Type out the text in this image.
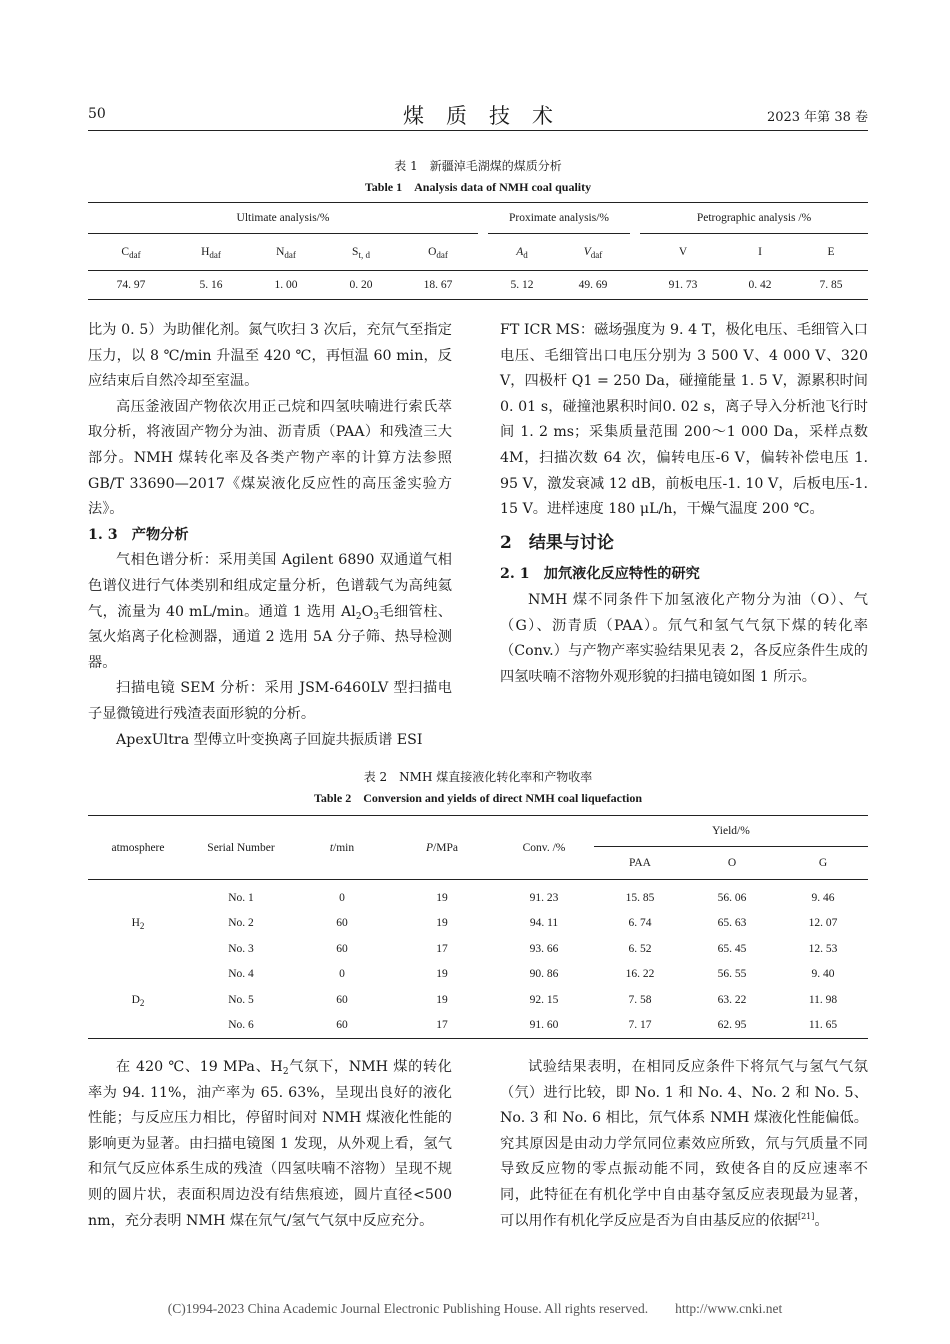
50	煤质技术	2023 年第 38 卷
表 1　新疆淖毛湖煤的煤质分析
Table 1　Analysis data of NMH coal quality
Ultimate analysis/%						Proximate analysis/%			Petrographic analysis /%		
$C_{daf}$	$H_{daf}$	$N_{daf}$	$S_{t, d}$	$O_{daf}$		$A_d$	$V_{daf}$		V	I	E
74. 97	5. 16	1. 00	0. 20	18. 67		5. 12	49. 69		91. 73	0. 42	7. 85

比为 0. 5）为助催化剂。氮气吹扫 3 次后，充氘气至指定压力，以 8 ℃/min 升温至 420 ℃，再恒温 60 min，反应结束后自然冷却至室温。

高压釜液固产物依次用正己烷和四氢呋喃进行索氏萃取分析，将液固产物分为油、沥青质（PAA）和残渣三大部分。NMH 煤转化率及各类产物产率的计算方法参照 GB/T 33690—2017《煤炭液化反应性的高压釜实验方法》。

1. 3　产物分析

气相色谱分析：采用美国 Agilent 6890 双通道气相色谱仪进行气体类别和组成定量分析，色谱载气为高纯氦气，流量为 40 mL/min。通道 1 选用 $Al_2O_3$毛细管柱、氢火焰离子化检测器，通道 2 选用 5A 分子筛、热导检测器。

扫描电镜 SEM 分析：采用 JSM-6460LV 型扫描电子显微镜进行残渣表面形貌的分析。

ApexUltra 型傅立叶变换离子回旋共振质谱 ESI

FT ICR MS：磁场强度为 9. 4 T，极化电压、毛细管入口电压、毛细管出口电压分别为 3 500 V、4 000 V、320 V，四极杆 Q1 = 250 Da，碰撞能量 1. 5 V，源累积时间 0. 01 s，碰撞池累积时间0. 02 s，离子导入分析池飞行时间 1. 2 ms；采集质量范围 200～1 000 Da，采样点数 4M，扫描次数 64 次，偏转电压-6 V，偏转补偿电压 1. 95 V，激发衰减 12 dB，前板电压-1. 10 V，后板电压-1. 15 V。进样速度 180 μL/h，干燥气温度 200 ℃。

2　结果与讨论

2. 1　加氘液化反应特性的研究

NMH 煤不同条件下加氢液化产物分为油（O）、气（G）、沥青质（PAA）。氘气和氢气气氛下煤的转化率（Conv.）与产物产率实验结果见表 2，各反应条件生成的四氢呋喃不溶物外观形貌的扫描电镜如图 1 所示。

表 2　NMH 煤直接液化转化率和产物收率
Table 2　Conversion and yields of direct NMH coal liquefaction
atmosphere	Serial Number	t/min	P/MPa	Conv. /%	Yield/%		
					PAA	O	G

$H_2$	No. 1	0	19	91. 23	15. 85	56. 06	9. 46
	No. 2	60	19	94. 11	6. 74	65. 63	12. 07
	No. 3	60	17	93. 66	6. 52	65. 45	12. 53
$D_2$	No. 4	0	19	90. 86	16. 22	56. 55	9. 40
	No. 5	60	19	92. 15	7. 58	63. 22	11. 98
	No. 6	60	17	91. 60	7. 17	62. 95	11. 65

在 420 ℃、19 MPa、$H_2$气氛下，NMH 煤的转化率为 94. 11%，油产率为 65. 63%，呈现出良好的液化性能；与反应压力相比，停留时间对 NMH 煤液化性能的影响更为显著。由扫描电镜图 1 发现，从外观上看，氢气和氘气反应体系生成的残渣（四氢呋喃不溶物）呈现不规则的圆片状，表面积周边没有结焦痕迹，圆片直径<500 nm，充分表明 NMH 煤在氘气/氢气气氛中反应充分。

试验结果表明，在相同反应条件下将氘气与氢气气氛（氕）进行比较，即 No. 1 和 No. 4、No. 2 和 No. 5、No. 3 和 No. 6 相比，氘气体系 NMH 煤液化性能偏低。究其原因是由动力学氘同位素效应所致，氘与氕质量不同导致反应物的零点振动能不同，致使各自的反应速率不同，此特征在有机化学中自由基夺氢反应表现最为显著，可以用作有机化学反应是否为自由基反应的依据[21]。

(C)1994-2023 China Academic Journal Electronic Publishing House. All rights reserved.　　http://www.cnki.net
